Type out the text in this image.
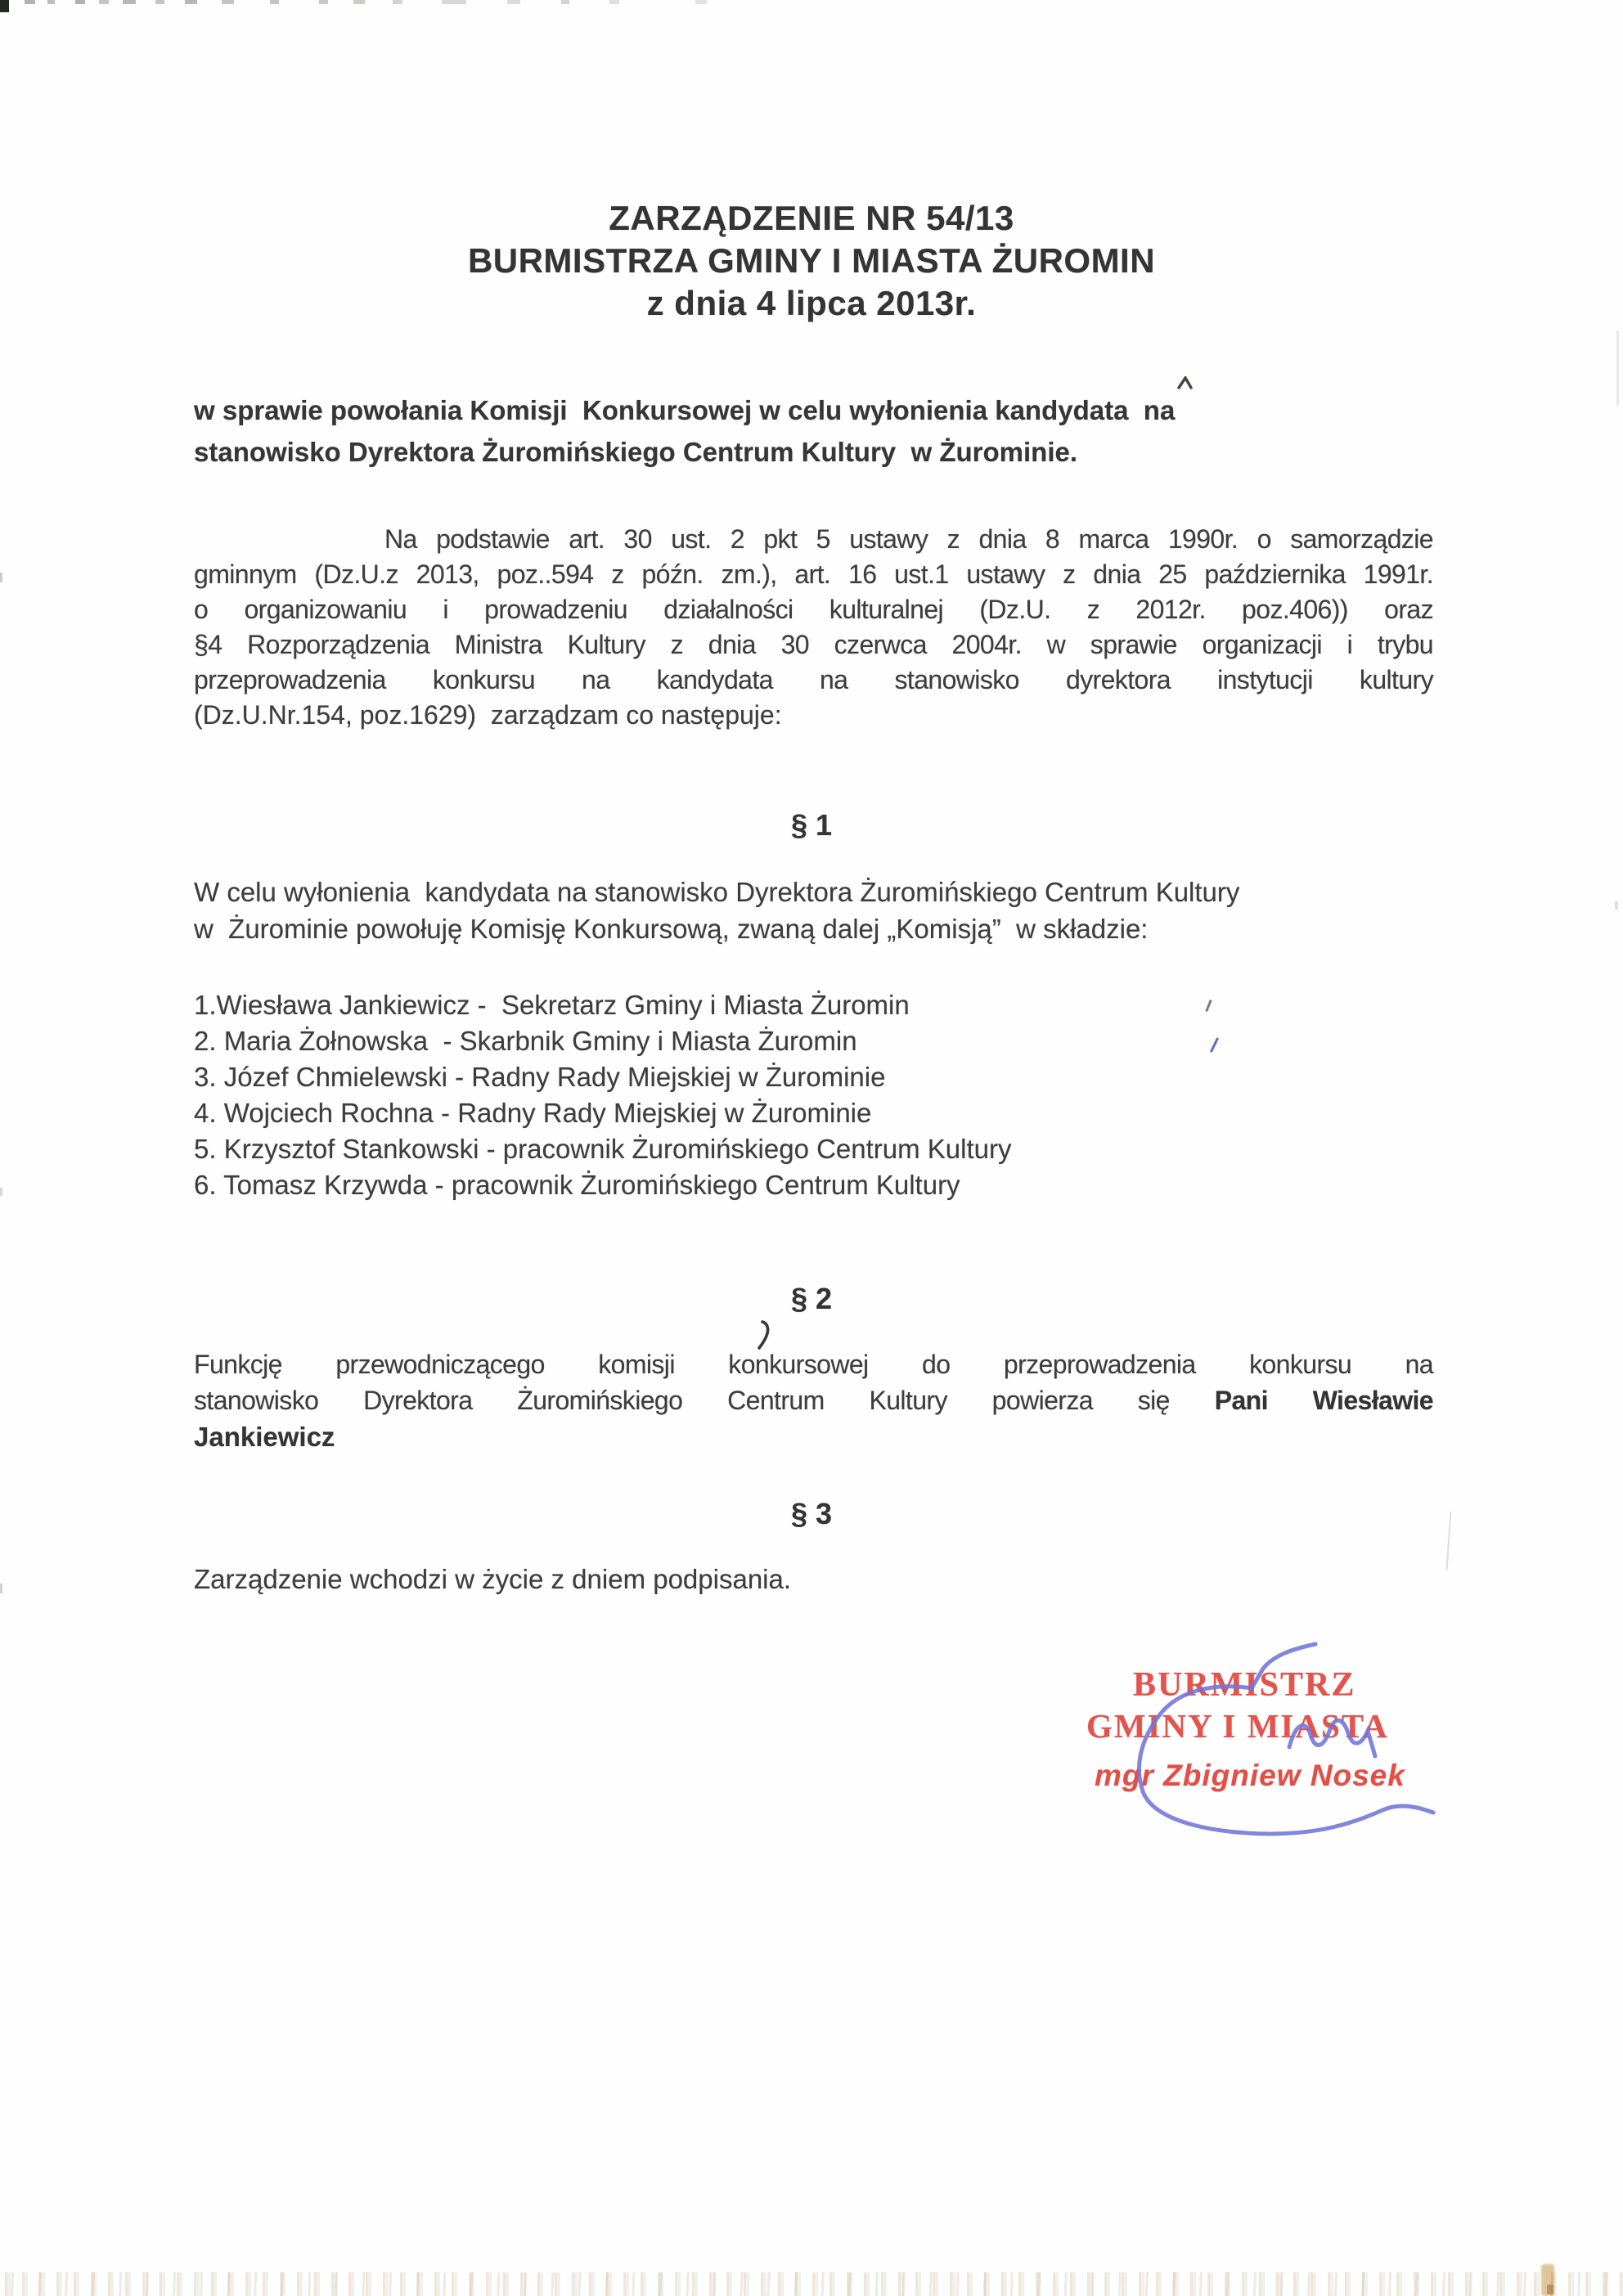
ZARZĄDZENIE NR 54/13
BURMISTRZA GMINY I MIASTA ŻUROMIN
z dnia 4 lipca 2013r.
w sprawie powołania Komisji  Konkursowej w celu wyłonienia kandydata  na
stanowisko Dyrektora Żuromińskiego Centrum Kultury  w Żurominie.
Na podstawie art. 30 ust. 2 pkt 5 ustawy z dnia 8 marca 1990r. o samorządzie
gminnym (Dz.U.z 2013, poz..594 z późn. zm.), art. 16 ust.1 ustawy z dnia 25 października 1991r.
o organizowaniu i prowadzeniu działalności kulturalnej (Dz.U. z 2012r. poz.406)) oraz
§4 Rozporządzenia Ministra Kultury z dnia 30 czerwca 2004r. w sprawie organizacji i trybu
przeprowadzenia konkursu na kandydata na stanowisko dyrektora instytucji kultury
(Dz.U.Nr.154, poz.1629)  zarządzam co następuje:
§ 1
W celu wyłonienia  kandydata na stanowisko Dyrektora Żuromińskiego Centrum Kultury
w  Żurominie powołuję Komisję Konkursową, zwaną dalej „Komisją”  w składzie:
1.Wiesława Jankiewicz -  Sekretarz Gminy i Miasta Żuromin
2. Maria Żołnowska  - Skarbnik Gminy i Miasta Żuromin
3. Józef Chmielewski - Radny Rady Miejskiej w Żurominie
4. Wojciech Rochna - Radny Rady Miejskiej w Żurominie
5. Krzysztof Stankowski - pracownik Żuromińskiego Centrum Kultury
6. Tomasz Krzywda - pracownik Żuromińskiego Centrum Kultury
§ 2
Funkcję przewodniczącego komisji konkursowej do przeprowadzenia konkursu na
stanowisko Dyrektora Żuromińskiego Centrum Kultury powierza się Pani Wiesławie
Jankiewicz
§ 3
Zarządzenie wchodzi w życie z dniem podpisania.
BURMISTRZ
GMINY I MIASTA
mgr Zbigniew Nosek
